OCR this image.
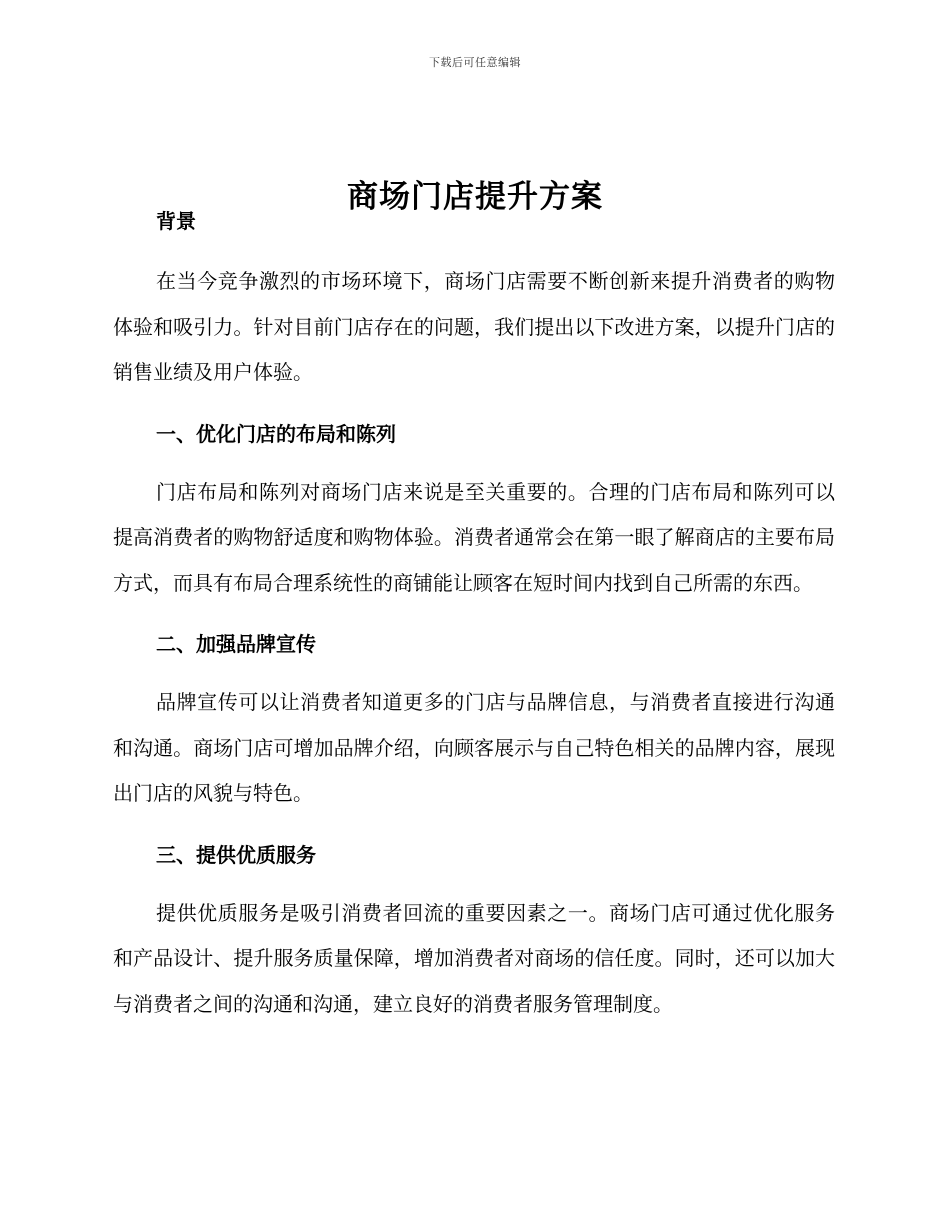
下载后可任意编辑
商场门店提升方案
背景

在当今竞争激烈的市场环境下，商场门店需要不断创新来提升消费者的购物体验和吸引力。针对目前门店存在的问题，我们提出以下改进方案，以提升门店的销售业绩及用户体验。

一、优化门店的布局和陈列

门店布局和陈列对商场门店来说是至关重要的。合理的门店布局和陈列可以提高消费者的购物舒适度和购物体验。消费者通常会在第一眼了解商店的主要布局方式，而具有布局合理系统性的商铺能让顾客在短时间内找到自己所需的东西。

二、加强品牌宣传

品牌宣传可以让消费者知道更多的门店与品牌信息，与消费者直接进行沟通和沟通。商场门店可增加品牌介绍，向顾客展示与自己特色相关的品牌内容，展现出门店的风貌与特色。

三、提供优质服务

提供优质服务是吸引消费者回流的重要因素之一。商场门店可通过优化服务和产品设计、提升服务质量保障，增加消费者对商场的信任度。同时，还可以加大与消费者之间的沟通和沟通，建立良好的消费者服务管理制度。
